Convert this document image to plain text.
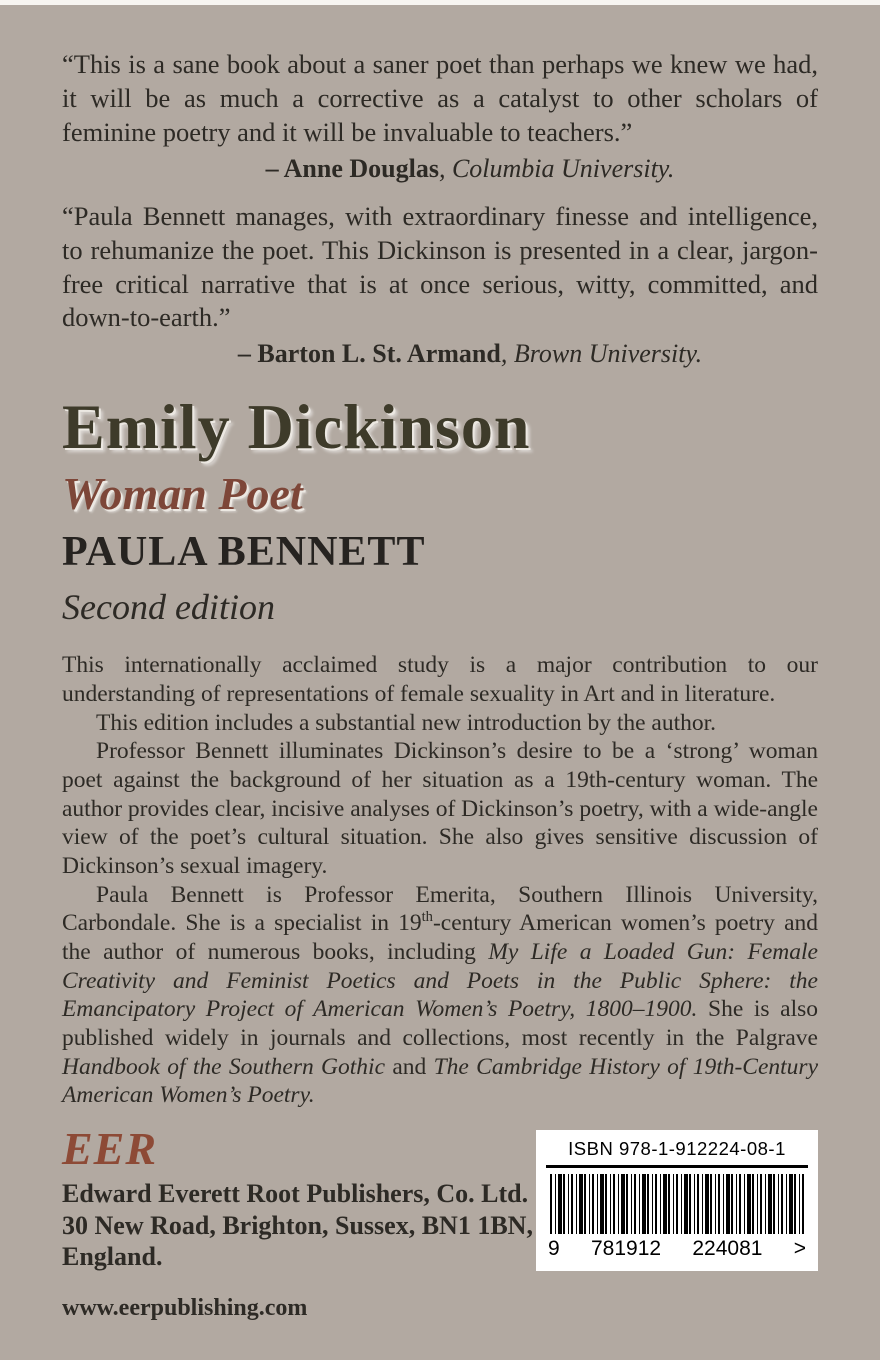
“This is a sane book about a saner poet than perhaps we knew we had, it will be as much a corrective as a catalyst to other scholars of feminine poetry and it will be invaluable to teachers.”

– Anne Douglas, Columbia University.

“Paula Bennett manages, with extraordinary finesse and intelligence, to rehumanize the poet. This Dickinson is presented in a clear, jargon-free critical narrative that is at once serious, witty, committed, and down-to-earth.”

– Barton L. St. Armand, Brown University.

Emily Dickinson
Woman Poet
PAULA BENNETT
Second edition

This internationally acclaimed study is a major contribution to our understanding of representations of female sexuality in Art and in literature.

This edition includes a substantial new introduction by the author.

Professor Bennett illuminates Dickinson’s desire to be a ‘strong’ woman poet against the background of her situation as a 19th-century woman. The author provides clear, incisive analyses of Dickinson’s poetry, with a wide-angle view of the poet’s cultural situation. She also gives sensitive discussion of Dickinson’s sexual imagery.

Paula Bennett is Professor Emerita, Southern Illinois University, Carbondale. She is a specialist in 19th-century American women’s poetry and the author of numerous books, including My Life a Loaded Gun: Female Creativity and Feminist Poetics and Poets in the Public Sphere: the Emancipatory Project of American Women’s Poetry, 1800–1900. She is also published widely in journals and collections, most recently in the Palgrave Handbook of the Southern Gothic and The Cambridge History of 19th-Century American Women’s Poetry.

EER
Edward Everett Root Publishers, Co. Ltd.
30 New Road, Brighton, Sussex, BN1 1BN,
England.
www.eerpublishing.com
ISBN 978-1-912224-08-1
9 781912 224081 >
